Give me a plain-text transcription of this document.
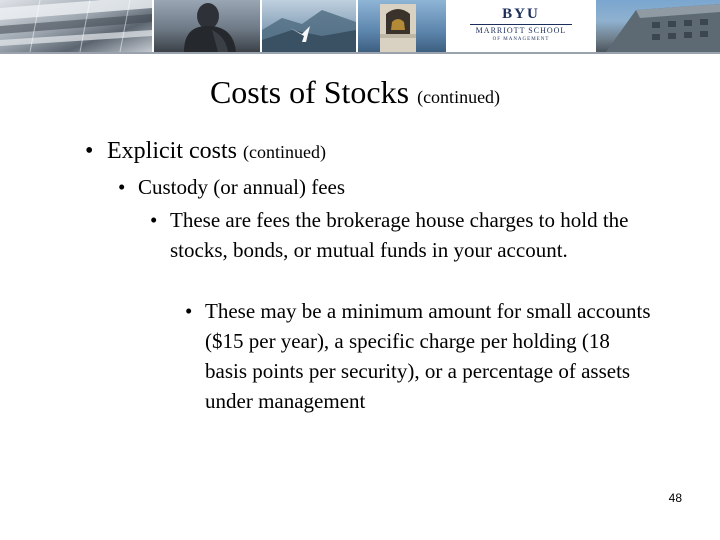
BYU
MARRIOTT SCHOOL
OF MANAGEMENT
Costs of Stocks (continued)
• Explicit costs (continued)
• Custody (or annual) fees
• These are fees the brokerage house charges to hold the stocks, bonds, or mutual funds in your account.
• These may be a minimum amount for small accounts ($15 per year), a specific charge per holding (18 basis points per security), or a percentage of assets under management
48
